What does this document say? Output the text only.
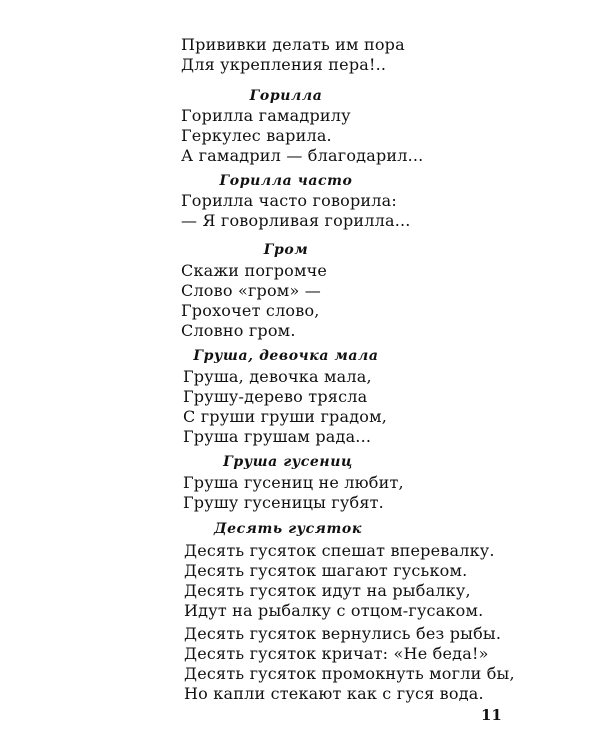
Прививки делать им пора
Для укрепления пера!..
Горилла
Горилла гамадрилу
Геркулес варила.
А гамадрил — благодарил...
Горилла часто
Горилла часто говорила:
— Я говорливая горилла...
Гром
Скажи погромче
Слово «гром» —
Грохочет слово,
Словно гром.
Груша, девочка мала
Груша, девочка мала,
Грушу-дерево трясла
С груши груши градом,
Груша грушам рада...
Груша гусениц
Груша гусениц не любит,
Грушу гусеницы губят.
Десять гусяток
Десять гусяток спешат вперевалку.
Десять гусяток шагают гуськом.
Десять гусяток идут на рыбалку,
Идут на рыбалку с отцом-гусаком.
Десять гусяток вернулись без рыбы.
Десять гусяток кричат: «Не беда!»
Десять гусяток промокнуть могли бы,
Но капли стекают как с гуся вода.
11
